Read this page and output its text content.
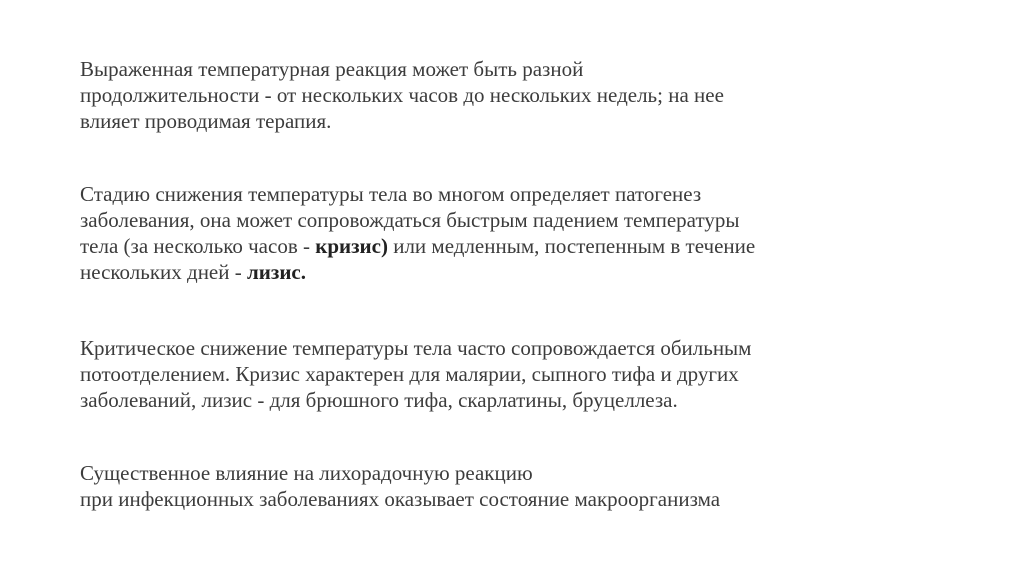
Выраженная температурная реакция может быть разной
продолжительности - от нескольких часов до нескольких недель; на нее
влияет проводимая терапия.

Стадию снижения температуры тела во многом определяет патогенез
заболевания, она может сопровождаться быстрым падением температуры
тела (за несколько часов - кризис) или медленным, постепенным в течение
нескольких дней - лизис.

Критическое снижение температуры тела часто сопровождается обильным
потоотделением. Кризис характерен для малярии, сыпного тифа и других
заболеваний, лизис - для брюшного тифа, скарлатины, бруцеллеза.

Существенное влияние на лихорадочную реакцию
при инфекционных заболеваниях оказывает состояние макроорганизма
